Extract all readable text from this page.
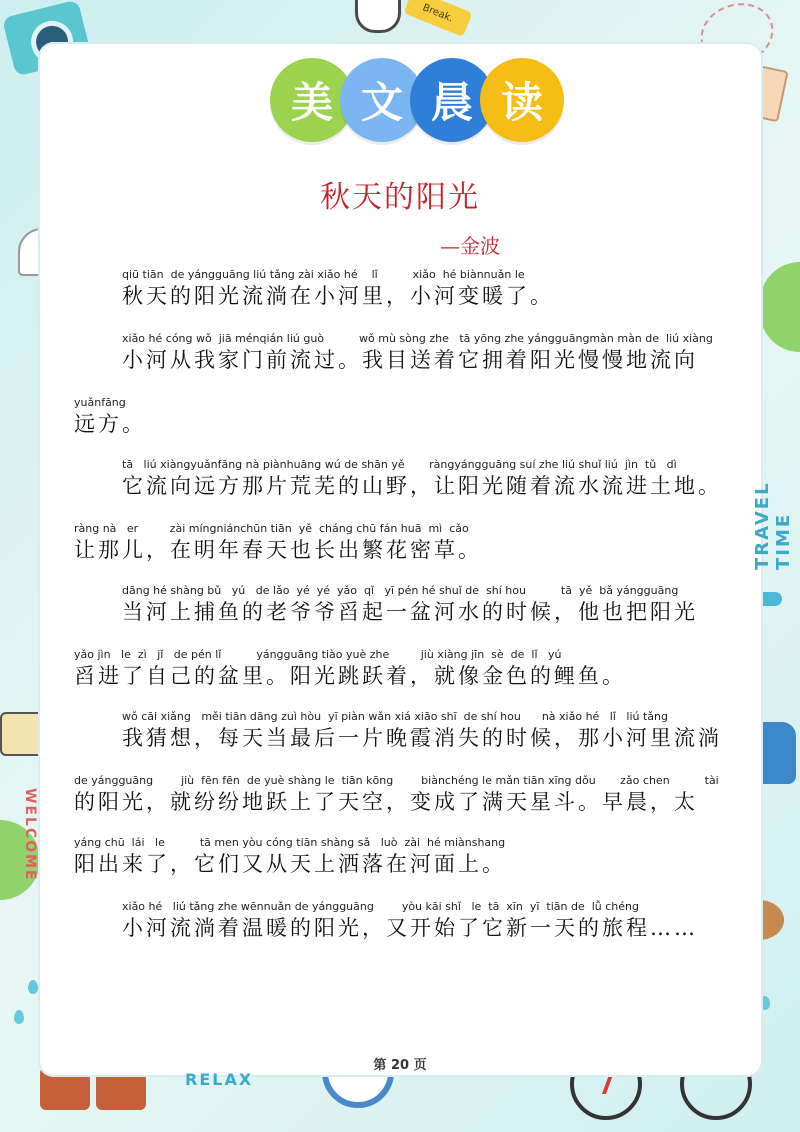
Break.
TRAVEL TIME
WELCOME
RELAX
美 文 晨 读
秋天的阳光
—金波
qiū tiān  de yángguāng liú tǎng zài xiǎo hé    lǐ          xiǎo  hé biànnuǎn le
秋天的阳光流淌在小河里，小河变暖了。
xiǎo hé cóng wǒ  jiā ménqián liú guò          wǒ mù sòng zhe   tā yōng zhe yángguāngmàn màn de  liú xiàng
小河从我家门前流过。我目送着它拥着阳光慢慢地流向
yuǎnfāng
远方。
tā   liú xiàngyuǎnfāng nà piànhuāng wú de shān yě       ràngyángguāng suí zhe liú shuǐ liú  jìn  tǔ   dì
它流向远方那片荒芜的山野，让阳光随着流水流进土地。
ràng nà   er         zài míngniánchūn tiān  yě  cháng chū fán huā  mì  cǎo
让那儿，在明年春天也长出繁花密草。
dāng hé shàng bǔ   yú   de lǎo  yé  yé  yǎo  qǐ   yī pén hé shuǐ de  shí hou          tā  yě  bǎ yángguāng
当河上捕鱼的老爷爷舀起一盆河水的时候，他也把阳光
yǎo jìn   le  zì   jǐ   de pén lǐ          yángguāng tiào yuè zhe         jiù xiàng jīn  sè  de  lǐ   yú
舀进了自己的盆里。阳光跳跃着，就像金色的鲤鱼。
wǒ cāi xiǎng   měi tiān dāng zuì hòu  yī piàn wǎn xiá xiāo shī  de shí hou      nà xiǎo hé   lǐ   liú tǎng
我猜想，每天当最后一片晚霞消失的时候，那小河里流淌
de yángguāng        jiù  fēn fēn  de yuè shàng le  tiān kōng        biànchéng le mǎn tiān xīng dǒu       zǎo chen          tài
的阳光，就纷纷地跃上了天空，变成了满天星斗。早晨，太
yáng chū  lái   le          tā men yòu cóng tiān shàng sǎ   luò  zài  hé miànshang
阳出来了，它们又从天上洒落在河面上。
xiǎo hé   liú tǎng zhe wēnnuǎn de yángguāng        yòu kāi shǐ   le  tā  xīn  yī  tiān de  lǚ chéng
小河流淌着温暖的阳光，又开始了它新一天的旅程……
第 20 页
